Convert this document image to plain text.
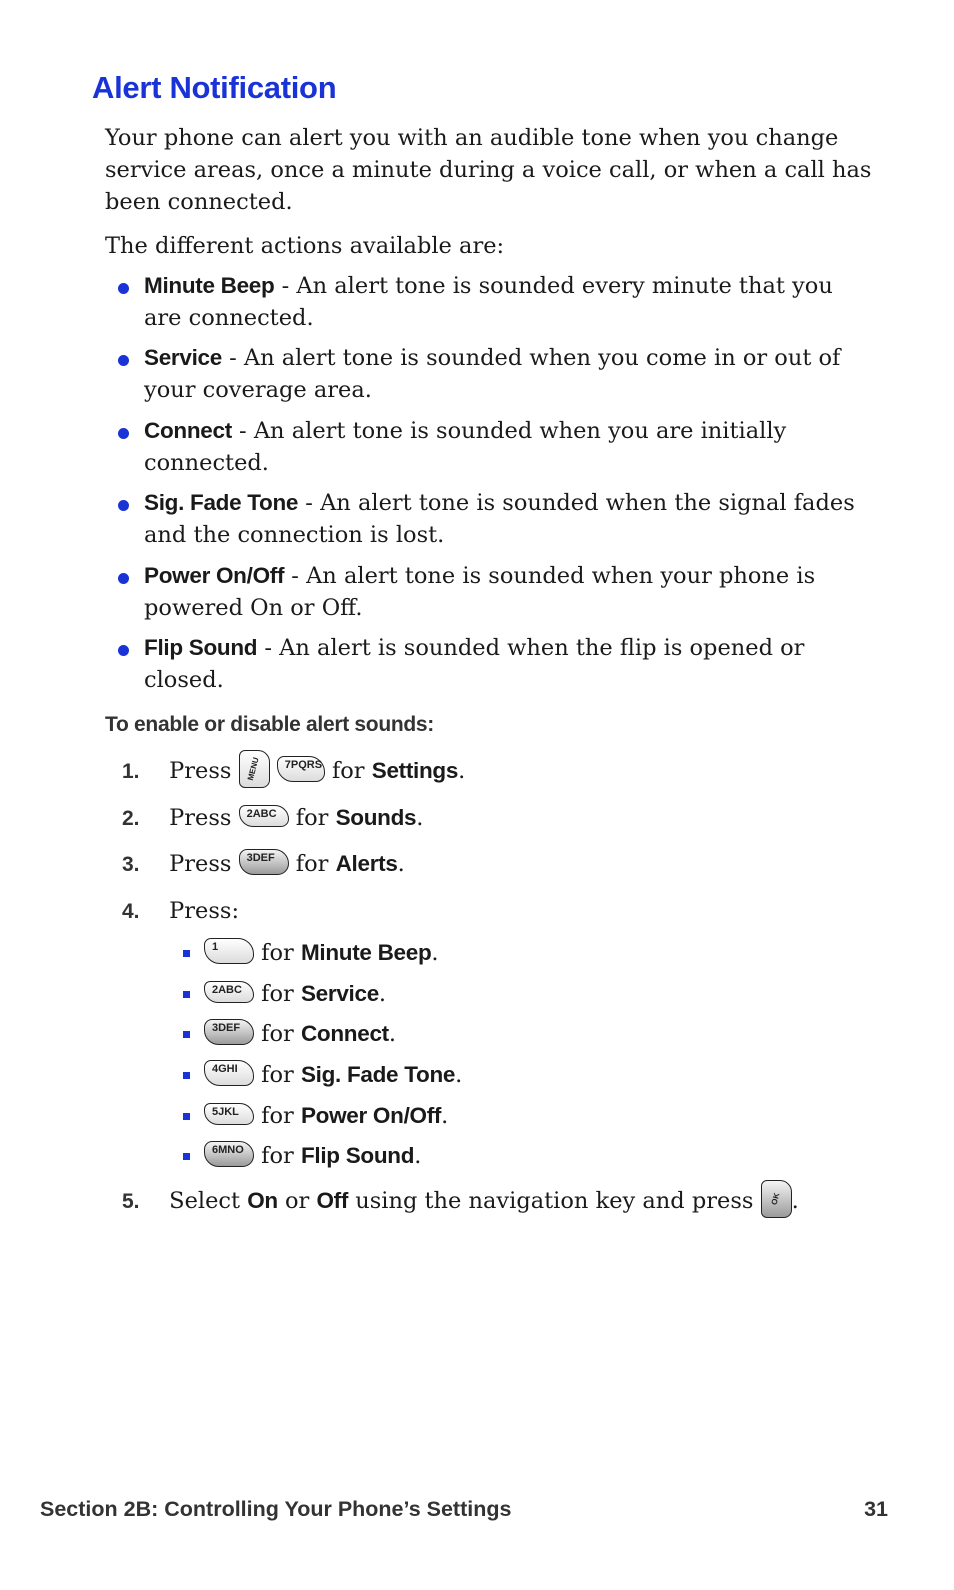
Alert Notification

Your phone can alert you with an audible tone when you change service areas, once a minute during a voice call, or when a call has been connected.

The different actions available are:

Minute Beep - An alert tone is sounded every minute that you are connected.
Service - An alert tone is sounded when you come in or out of your coverage area.
Connect - An alert tone is sounded when you are initially connected.
Sig. Fade Tone - An alert tone is sounded when the signal fades and the connection is lost.
Power On/Off - An alert tone is sounded when your phone is powered On or Off.
Flip Sound - An alert is sounded when the flip is opened or closed.

To enable or disable alert sounds:

1. Press MENU 7PQRS for Settings.
2. Press 2ABC for Sounds.
3. Press 3DEF for Alerts.
4. Press:
1 for Minute Beep.
2ABC for Service.
3DEF for Connect.
4GHI for Sig. Fade Tone.
5JKL for Power On/Off.
6MNO for Flip Sound.
5. Select On or Off using the navigation key and press OK .
Section 2B: Controlling Your Phone’s Settings	31
